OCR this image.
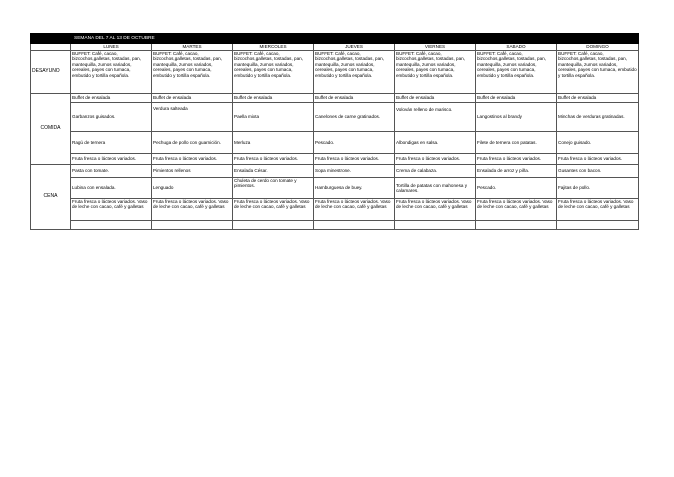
	SEMANA DEL 7 AL 13 DE OCTUBRE						
	LUNES	MARTES	MIERCOLES	JUEVES	VIERNES	SABADO	DOMINGO
DESAYUNO	BUFFET: Café, cacao, bizcochos,galletas, tostadas, pan, mantequilla, zumos variados, cereales, payes con tumaca, embutido y tortilla española.	BUFFET: Café, cacao, bizcochos,galletas, tostadas, pan, mantequilla, zumos variados, cereales, payes con tumaca, embutido y tortilla española.	BUFFET: Café, cacao, bizcochos,galletas, tostadas, pan, mantequilla, zumos variados, cereales, payes con tumaca, embutido y tortilla española.	BUFFET: Café, cacao, bizcochos,galletas, tostadas, pan, mantequilla, zumos variados, cereales, payes con tumaca, embutido y tortilla española.	BUFFET: Café, cacao, bizcochos,galletas, tostadas, pan, mantequilla, zumos variados, cereales, payes con tumaca, embutido y tortilla española.	BUFFET: Café, cacao, bizcochos,galletas, tostadas, pan, mantequilla, zumos variados, cereales, payes con tumaca, embutido y tortilla española.	BUFFET: Café, cacao, bizcochos,galletas, tostadas, pan, mantequilla, zumos variados, cereales, payes con tumaca, embutido y tortilla española.
COMIDA	Buffet de ensalada	Buffet de ensalada	Buffet de ensalada	Buffet de ensalada	Buffet de ensalada	Buffet de ensalada	Buffet de ensalada
	Garbanzos guisados.	Verdura salteada	Paella mixta	Canelones de carne gratinados.	Volován relleno de marisco.	Langostinos al brandy	Minchas de verduras gratinadas.
	Ragú de ternera	Pechuga de pollo con guarnición.	Merluza	Pescado.	Albondigas en salsa.	Filete de ternera con patatas.	Conejo guisado.
	Fruta fresca o lácteos variados.	Fruta fresca o lácteos variados.	Fruta fresca o lácteos variados.	Fruta fresca o lácteos variados.	Fruta fresca o lácteos variados.	Fruta fresca o lácteos variados.	Fruta fresca o lácteos variados.
CENA	Pasta con tomate.	Pimientos rellenos	Ensalada César.	Sopa minestrone.	Crema de calabaza.	Ensalada de arroz y piña.	Gusantes con bacon.
	Lubina con ensalada.	Lenguado	Chuleta de cerdo con tomate y pimientos.	Hamburguesa de buey.	Tortilla de patatas con mahonesa y calamares.	Pescado.	Fajitas de pollo.
	Fruta fresca o lácteos variados. Vaso de leche con cacao, café y galletas	Fruta fresca o lácteos variados. Vaso de leche con cacao, café y galletas	Fruta fresca o lácteos variados. Vaso de leche con cacao, café y galletas	Fruta fresca o lácteos variados. Vaso de leche con cacao, café y galletas	Fruta fresca o lácteos variados. Vaso de leche con cacao, café y galletas	Fruta fresca o lácteos variados. Vaso de leche con cacao, café y galletas	Fruta fresca o lácteos variados. Vaso de leche con cacao, café y galletas
